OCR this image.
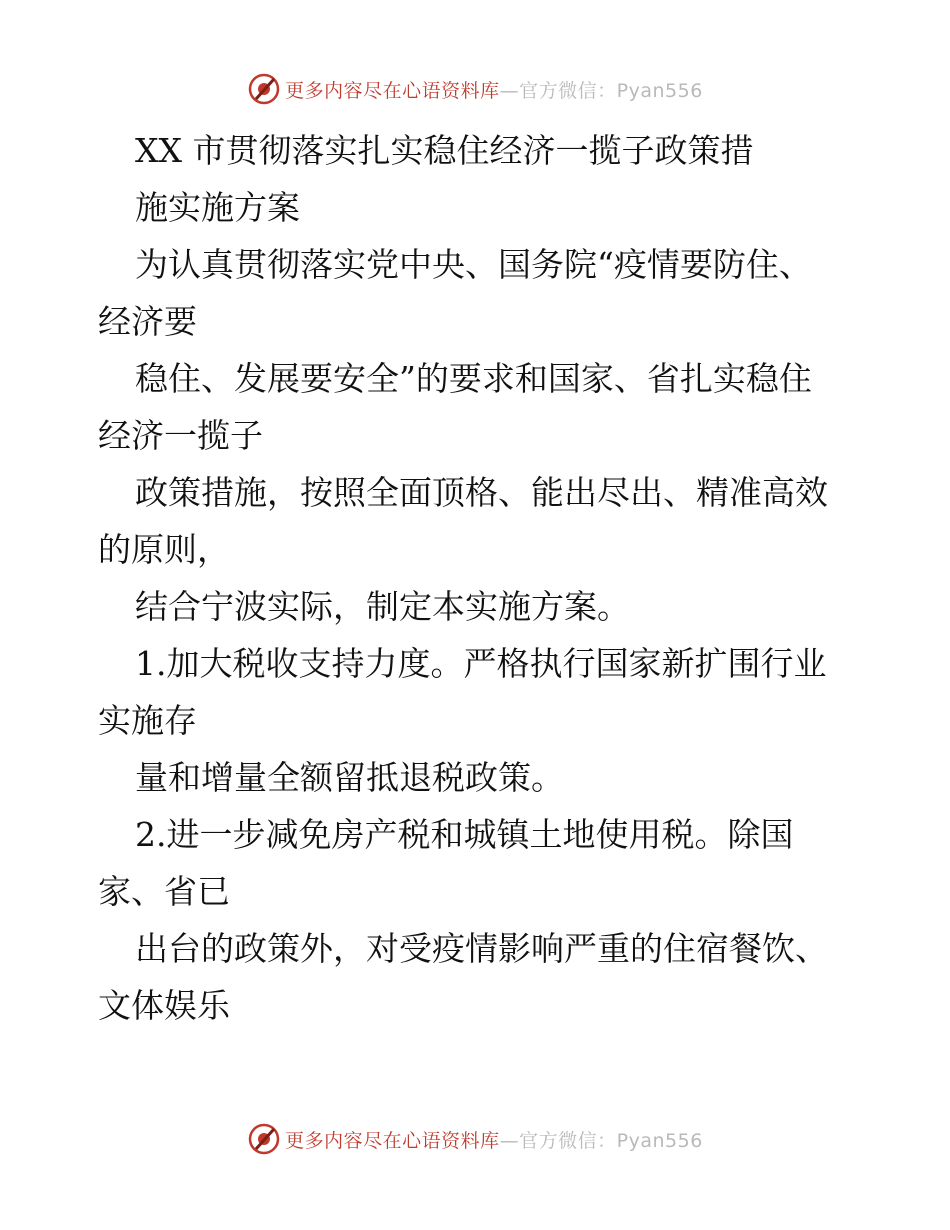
更多内容尽在心语资料库 —官方微信：Pyan556
XX 市贯彻落实扎实稳住经济一揽子政策措
施实施方案
为认真贯彻落实党中央、国务院“疫情要防住、
经济要
稳住、发展要安全”的要求和国家、省扎实稳住
经济一揽子
政策措施，按照全面顶格、能出尽出、精准高效
的原则，
结合宁波实际，制定本实施方案。
1.加大税收支持力度。严格执行国家新扩围行业
实施存
量和增量全额留抵退税政策。
2.进一步减免房产税和城镇土地使用税。除国
家、省已
出台的政策外，对受疫情影响严重的住宿餐饮、
文体娱乐
更多内容尽在心语资料库 —官方微信：Pyan556
